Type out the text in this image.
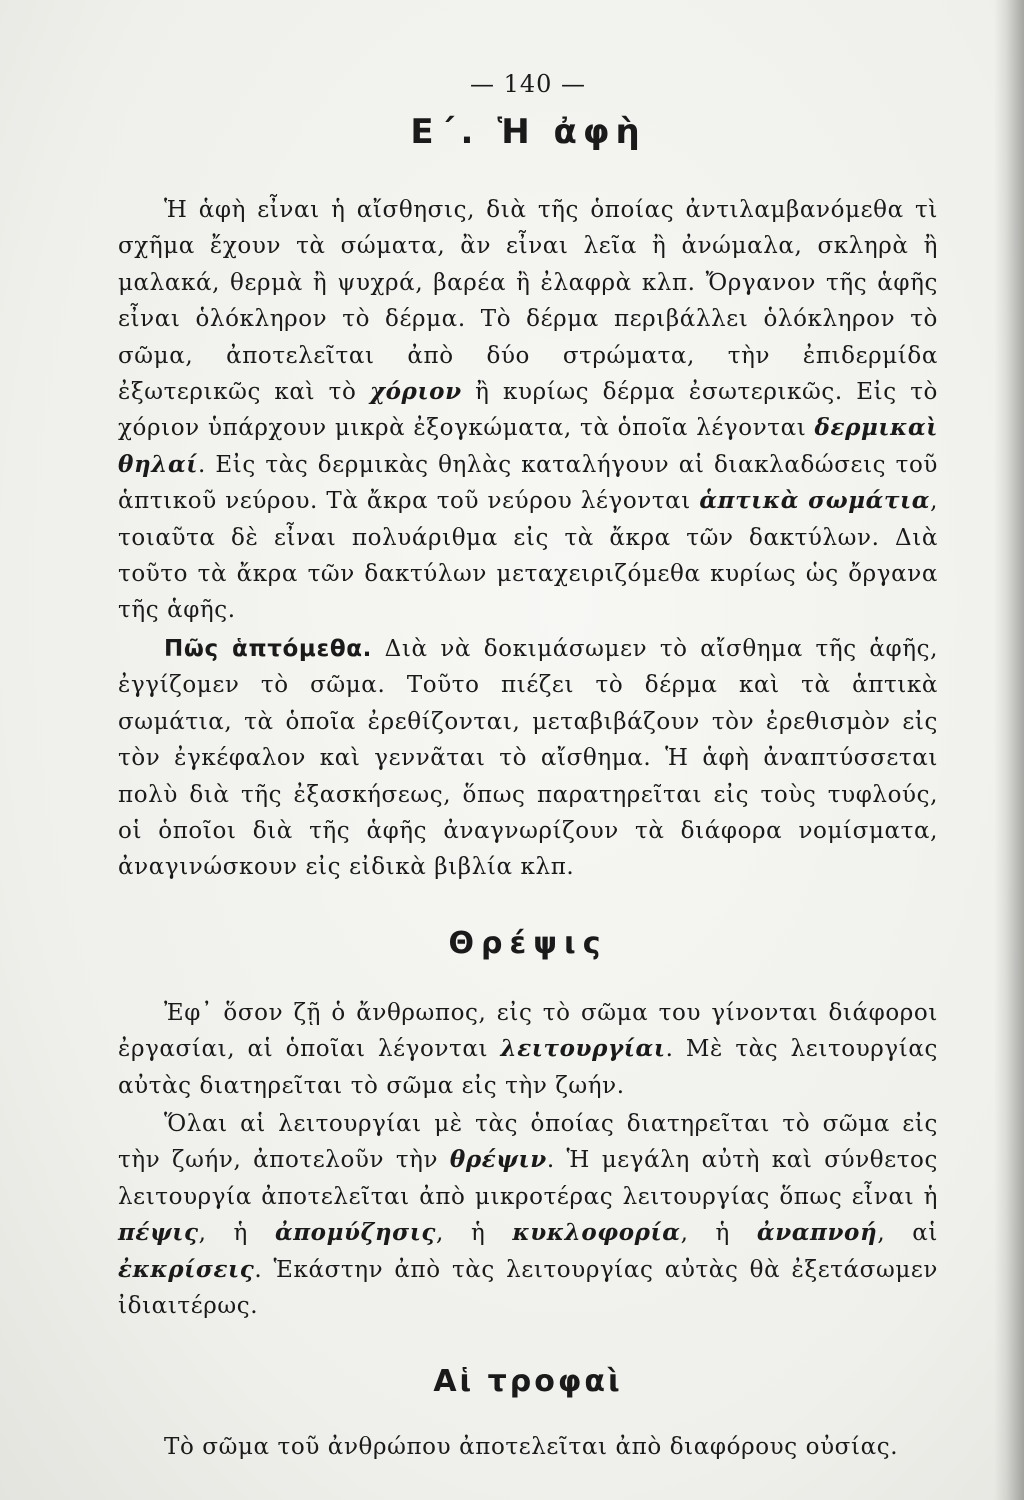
— 140 —
Ε΄. Ἡ ἀφὴ

Ἡ ἁφὴ εἶναι ἡ αἴσθησις, διὰ τῆς ὁποίας ἀντιλαμβανόμεθα τὶ σχῆμα ἔχουν τὰ σώματα, ἂν εἶναι λεῖα ἢ ἀνώμαλα, σκληρὰ ἢ μαλακά, θερμὰ ἢ ψυχρά, βαρέα ἢ ἐλαφρὰ κλπ. Ὄργανον τῆς ἁφῆς εἶναι ὁλόκληρον τὸ δέρμα. Τὸ δέρμα περιβάλλει ὁλόκληρον τὸ σῶμα, ἀποτελεῖται ἀπὸ δύο στρώματα, τὴν ἐπιδερμίδα ἐξωτερικῶς καὶ τὸ χόριον ἢ κυρίως δέρμα ἐσωτερικῶς. Εἰς τὸ χόριον ὑπάρχουν μικρὰ ἐξογκώματα, τὰ ὁποῖα λέγονται δερμικαὶ θηλαί. Εἰς τὰς δερμικὰς θηλὰς καταλήγουν αἱ διακλαδώσεις τοῦ ἁπτικοῦ νεύρου. Τὰ ἄκρα τοῦ νεύρου λέγονται ἁπτικὰ σωμάτια, τοιαῦτα δὲ εἶναι πολυάριθμα εἰς τὰ ἄκρα τῶν δακτύλων. Διὰ τοῦτο τὰ ἄκρα τῶν δακτύλων μεταχειριζόμεθα κυρίως ὡς ὄργανα τῆς ἁφῆς.

Πῶς ἁπτόμεθα. Διὰ νὰ δοκιμάσωμεν τὸ αἴσθημα τῆς ἁφῆς, ἐγγίζομεν τὸ σῶμα. Τοῦτο πιέζει τὸ δέρμα καὶ τὰ ἁπτικὰ σωμάτια, τὰ ὁποῖα ἐρεθίζονται, μεταβιβάζουν τὸν ἐρεθισμὸν εἰς τὸν ἐγκέφαλον καὶ γεννᾶται τὸ αἴσθημα. Ἡ ἁφὴ ἀναπτύσσεται πολὺ διὰ τῆς ἐξασκήσεως, ὅπως παρατηρεῖται εἰς τοὺς τυφλούς, οἱ ὁποῖοι διὰ τῆς ἁφῆς ἀναγνωρίζουν τὰ διάφορα νομίσματα, ἀναγινώσκουν εἰς εἰδικὰ βιβλία κλπ.

Θρέψις

Ἐφ᾽ ὅσον ζῇ ὁ ἄνθρωπος, εἰς τὸ σῶμα του γίνονται διάφοροι ἐργασίαι, αἱ ὁποῖαι λέγονται λειτουργίαι. Μὲ τὰς λειτουργίας αὐτὰς διατηρεῖται τὸ σῶμα εἰς τὴν ζωήν.

Ὅλαι αἱ λειτουργίαι μὲ τὰς ὁποίας διατηρεῖται τὸ σῶμα εἰς τὴν ζωήν, ἀποτελοῦν τὴν θρέψιν. Ἡ μεγάλη αὐτὴ καὶ σύνθετος λειτουργία ἀποτελεῖται ἀπὸ μικροτέρας λειτουργίας ὅπως εἶναι ἡ πέψις, ἡ ἀπομύζησις, ἡ κυκλοφορία, ἡ ἀναπνοή, αἱ ἐκκρίσεις. Ἑκάστην ἀπὸ τὰς λειτουργίας αὐτὰς θὰ ἐξετάσωμεν ἰδιαιτέρως.

Αἱ τροφαὶ

Τὸ σῶμα τοῦ ἀνθρώπου ἀποτελεῖται ἀπὸ διαφόρους οὐσίας.
